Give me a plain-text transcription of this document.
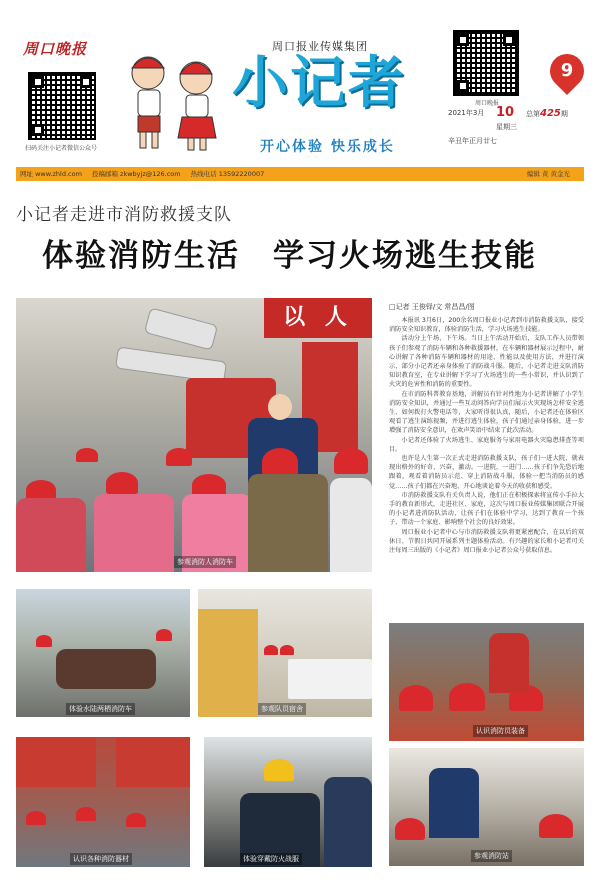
周口晚报
扫码关注小记者微信公众号
周口报业传媒集团
小记者
开心体验 快乐成长
周口晚报
9
2021年3月 10 总第425期
星期三
辛丑年正月廿七
网址 www.zhld.com 投稿邮箱 zkwbyjz@126.com 热线电话 13592220007	编辑 黄 黄金光
小记者走进市消防救援支队
体验消防生活　学习火场逃生技能
以 人
参观消防人消防车
□记者 王俊铎/文 常昌昌/图

本报讯 3月6日，200余名周口报业小记者到市消防救援支队，接受消防安全知识教育，体验消防生活，学习火场逃生技能。

活动分上午场、下午场。当日上午活动开始后，支队工作人员带领孩子们参观了消防车辆和各种救援器材，在车辆和器材展示过程中，耐心讲解了各种消防车辆和器材的用途、性能以及使用方法，并进行演示，部分小记者还亲身体验了消防战斗服。随后，小记者走进支队消防知识教育室，在专业讲解下学习了火场逃生的一些小常识，并认识到了火灾的危害性和消防的重要性。

在市消防科普教育基地，讲解员有针对性地为小记者讲解了小学生消防安全知识，并通过一些互动问答向学员们展示火灾现场怎样安全逃生、如何拨打火警电话等，大家听得很认真，随后，小记者还在体验区观看了逃生演练视频，并进行逃生体验，孩子们通过亲身体验，进一步增强了消防安全意识，在欢声笑语中结束了此次活动。

小记者还体验了火场逃生、家庭服务与家用电器火灾隐患排查等项目。

也许是人生第一次正式走进消防救援支队，孩子们一进大院，就表现出格外的好奇、兴奋、激动。一进院，一进门……孩子们争先恐后地跟着，观看着消防员示范、穿上消防战斗服，体验一把当消防员的感觉……孩子们都在兴奋地、开心地谈论着今天的收获和感受。

市消防救援支队有关负责人说，他们正在积极探索将宣传小手拉大手的教育新形式，走进社区、家庭，这次与周口报业传媒集团联合开展的小记者进消防队活动，让孩子们在体验中学习，达到了教育一个孩子、带动一个家庭、影响整个社会的良好效果。

周口报业小记者中心与市消防救援支队将更紧密配合，在以后的双休日、节假日共同开展系列主题体验活动。有兴趣的家长和小记者可关注每周三出版的《小记者》周口报业小记者公众号获取信息。

体验水陆两栖消防车	参观队员宿舍
认识消防员装备
认识各种消防器材	体验穿戴防火战服	参观消防站
